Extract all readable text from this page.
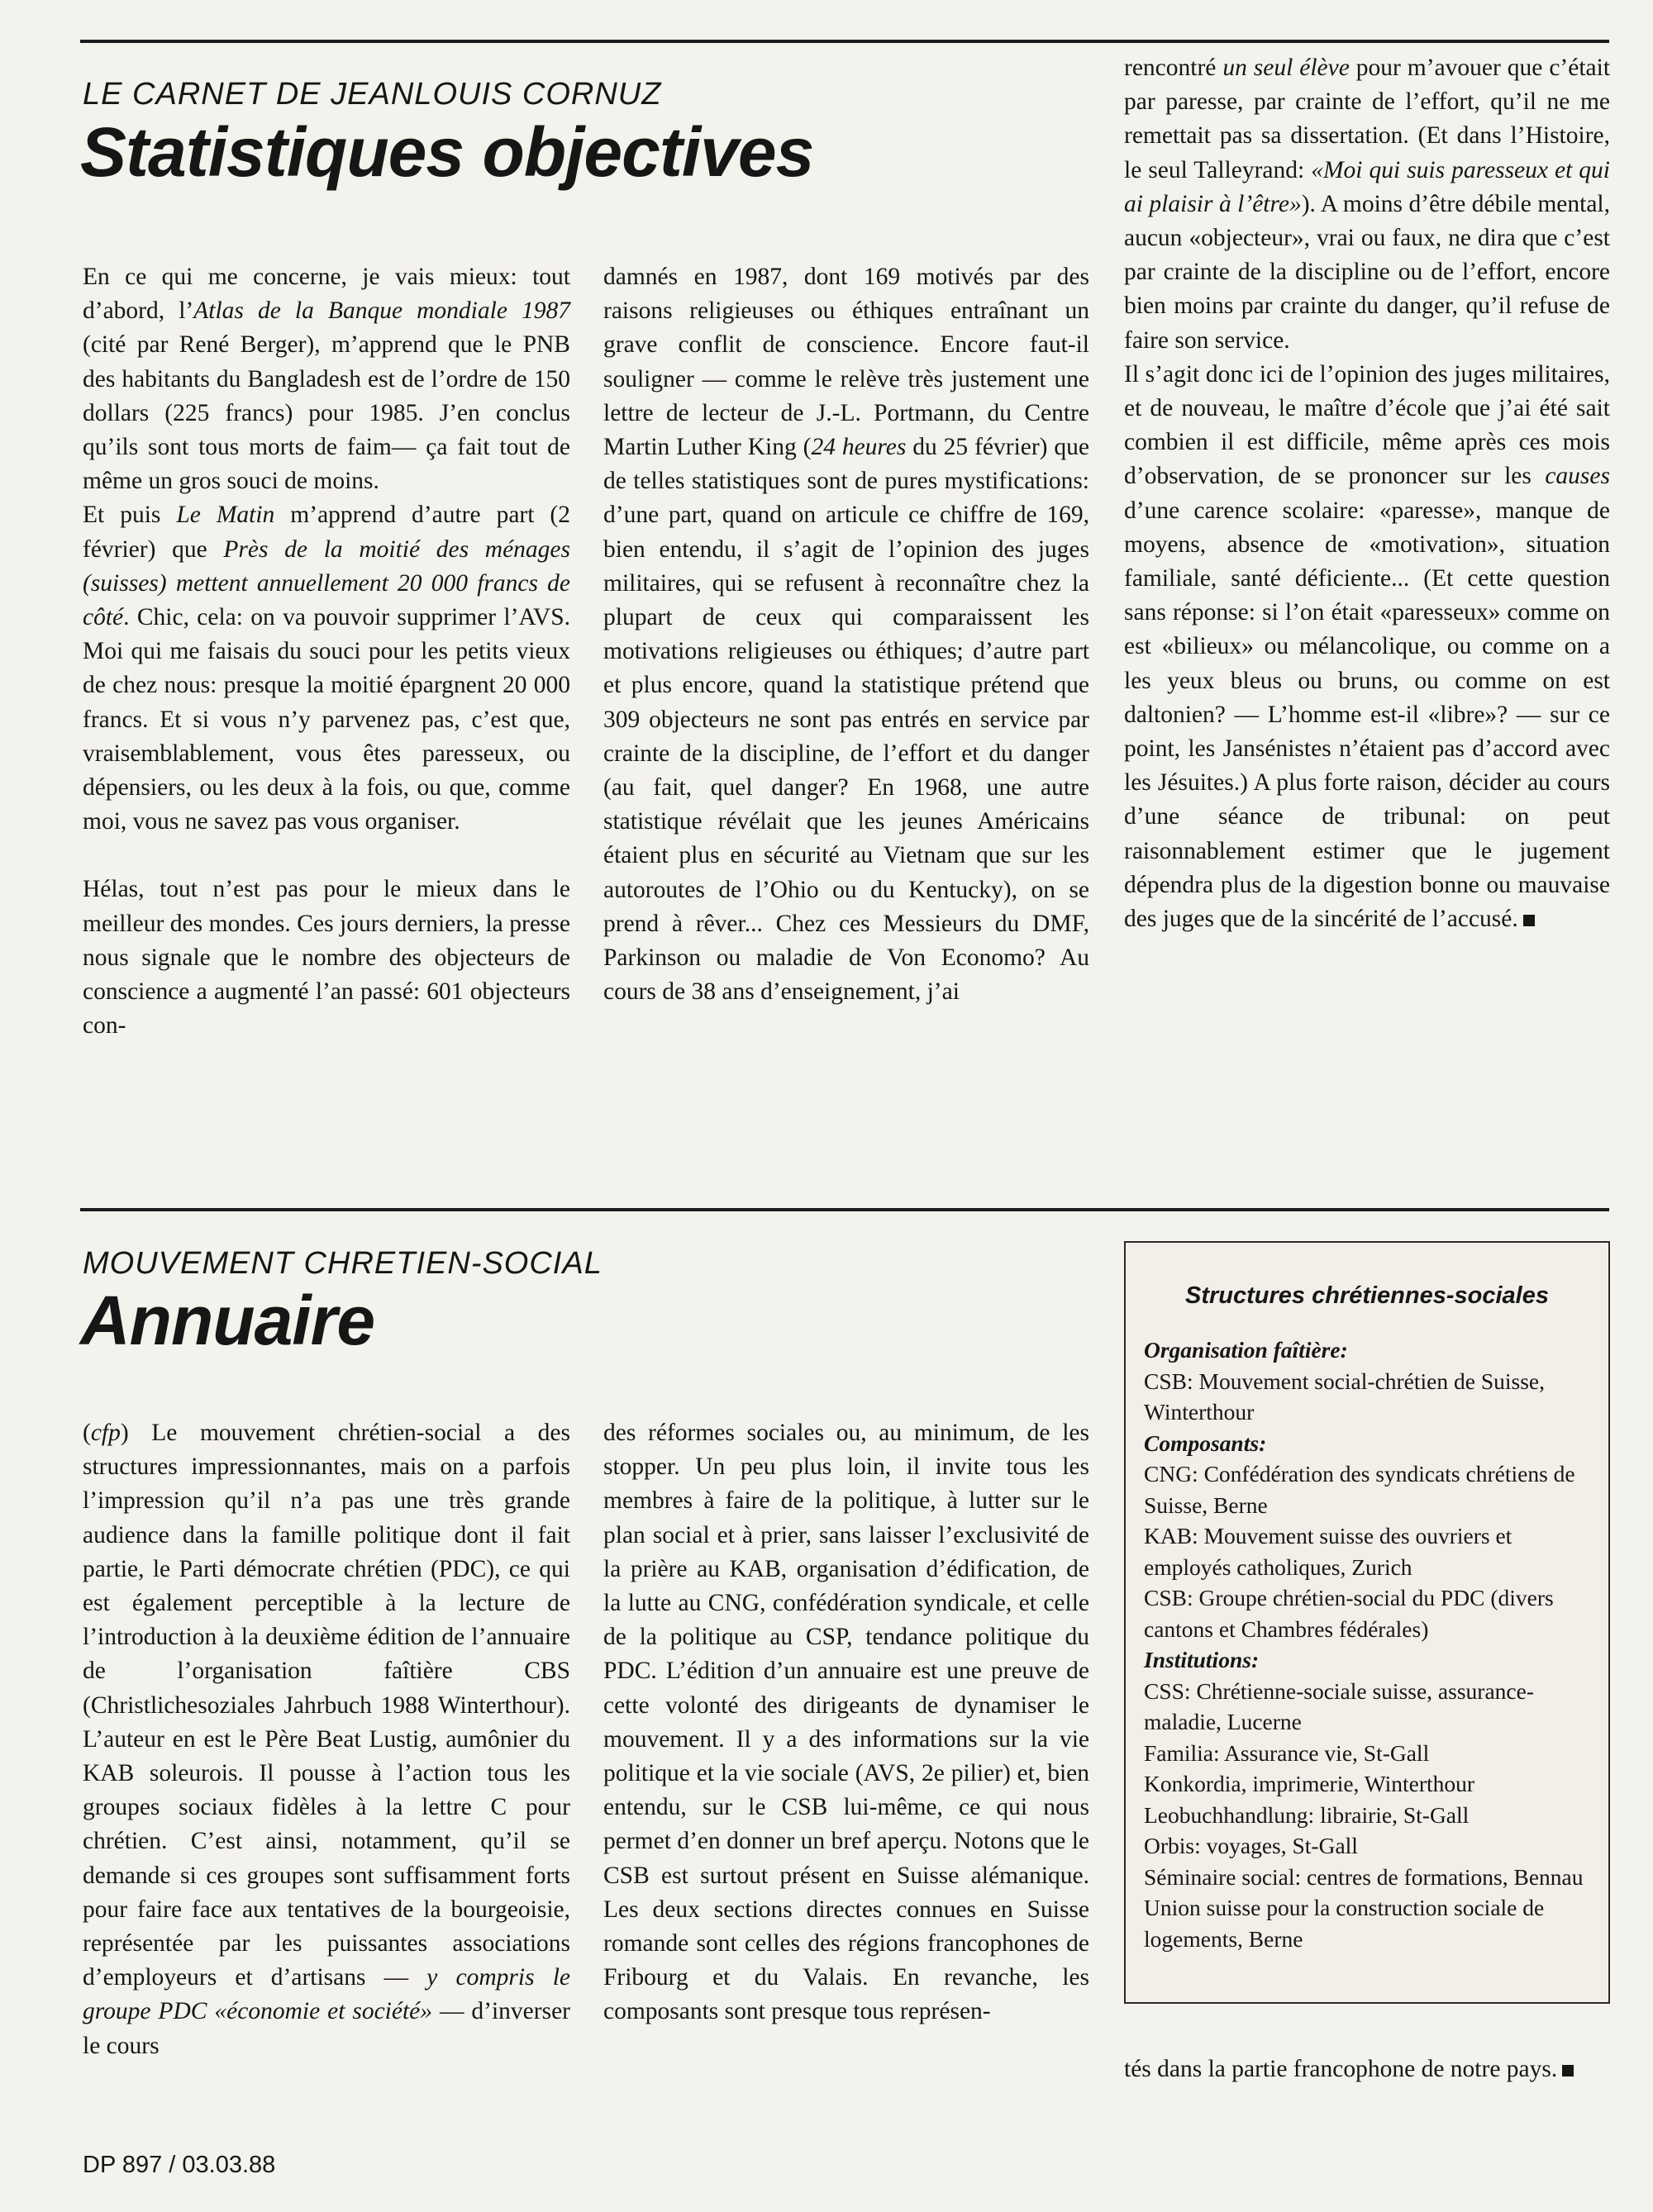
LE CARNET DE JEANLOUIS CORNUZ

Statistiques objectives

En ce qui me concerne, je vais mieux: tout d’abord, l’Atlas de la Banque mondiale 1987 (cité par René Berger), m’apprend que le PNB des habitants du Bangladesh est de l’ordre de 150 dollars (225 francs) pour 1985. J’en conclus qu’ils sont tous morts de faim— ça fait tout de même un gros souci de moins.

Et puis Le Matin m’apprend d’autre part (2 février) que Près de la moitié des ménages (suisses) mettent annuellement 20 000 francs de côté. Chic, cela: on va pouvoir supprimer l’AVS. Moi qui me faisais du souci pour les petits vieux de chez nous: presque la moitié épargnent 20 000 francs. Et si vous n’y parvenez pas, c’est que, vraisemblablement, vous êtes paresseux, ou dépensiers, ou les deux à la fois, ou que, comme moi, vous ne savez pas vous organiser.

Hélas, tout n’est pas pour le mieux dans le meilleur des mondes. Ces jours derniers, la presse nous signale que le nombre des objecteurs de conscience a augmenté l’an passé: 601 objecteurs con-

damnés en 1987, dont 169 motivés par des raisons religieuses ou éthiques entraînant un grave conflit de conscience. Encore faut-il souligner — comme le relève très justement une lettre de lecteur de J.-L. Portmann, du Centre Martin Luther King (24 heures du 25 février) que de telles statistiques sont de pures mystifications: d’une part, quand on articule ce chiffre de 169, bien entendu, il s’agit de l’opinion des juges militaires, qui se refusent à reconnaître chez la plupart de ceux qui comparaissent les motivations religieuses ou éthiques; d’autre part et plus encore, quand la statistique prétend que 309 objecteurs ne sont pas entrés en service par crainte de la discipline, de l’effort et du danger (au fait, quel danger? En 1968, une autre statistique révélait que les jeunes Américains étaient plus en sécurité au Vietnam que sur les autoroutes de l’Ohio ou du Kentucky), on se prend à rêver... Chez ces Messieurs du DMF, Parkinson ou maladie de Von Economo? Au cours de 38 ans d’enseignement, j’ai

rencontré un seul élève pour m’avouer que c’était par paresse, par crainte de l’effort, qu’il ne me remettait pas sa dissertation. (Et dans l’Histoire, le seul Talleyrand: «Moi qui suis paresseux et qui ai plaisir à l’être»). A moins d’être débile mental, aucun «objecteur», vrai ou faux, ne dira que c’est par crainte de la discipline ou de l’effort, encore bien moins par crainte du danger, qu’il refuse de faire son service.

Il s’agit donc ici de l’opinion des juges militaires, et de nouveau, le maître d’école que j’ai été sait combien il est difficile, même après ces mois d’observation, de se prononcer sur les causes d’une carence scolaire: «paresse», manque de moyens, absence de «motivation», situation familiale, santé déficiente... (Et cette question sans réponse: si l’on était «paresseux» comme on est «bilieux» ou mélancolique, ou comme on a les yeux bleus ou bruns, ou comme on est daltonien? — L’homme est-il «libre»? — sur ce point, les Jansénistes n’étaient pas d’accord avec les Jésuites.) A plus forte raison, décider au cours d’une séance de tribunal: on peut raisonnablement estimer que le jugement dépendra plus de la digestion bonne ou mauvaise des juges que de la sincérité de l’accusé.

MOUVEMENT CHRETIEN-SOCIAL

Annuaire

(cfp) Le mouvement chrétien-social a des structures impressionnantes, mais on a parfois l’impression qu’il n’a pas une très grande audience dans la famille politique dont il fait partie, le Parti démocrate chrétien (PDC), ce qui est également perceptible à la lecture de l’introduction à la deuxième édition de l’annuaire de l’organisation faîtière CBS (Christlichesoziales Jahrbuch 1988 Winterthour). L’auteur en est le Père Beat Lustig, aumônier du KAB soleurois. Il pousse à l’action tous les groupes sociaux fidèles à la lettre C pour chrétien. C’est ainsi, notamment, qu’il se demande si ces groupes sont suffisamment forts pour faire face aux tentatives de la bourgeoisie, représentée par les puissantes associations d’employeurs et d’artisans — y compris le groupe PDC «économie et société» — d’inverser le cours

des réformes sociales ou, au minimum, de les stopper. Un peu plus loin, il invite tous les membres à faire de la politique, à lutter sur le plan social et à prier, sans laisser l’exclusivité de la prière au KAB, organisation d’édification, de la lutte au CNG, confédération syndicale, et celle de la politique au CSP, tendance politique du PDC. L’édition d’un annuaire est une preuve de cette volonté des dirigeants de dynamiser le mouvement. Il y a des informations sur la vie politique et la vie sociale (AVS, 2e pilier) et, bien entendu, sur le CSB lui-même, ce qui nous permet d’en donner un bref aperçu. Notons que le CSB est surtout présent en Suisse alémanique. Les deux sections directes connues en Suisse romande sont celles des régions francophones de Fribourg et du Valais. En revanche, les composants sont presque tous représen-

Structures chrétiennes-sociales
Organisation faîtière:
CSB: Mouvement social-chrétien de Suisse, Winterthour
Composants:
CNG: Confédération des syndicats chrétiens de Suisse, Berne
KAB: Mouvement suisse des ouvriers et employés catholiques, Zurich
CSB: Groupe chrétien-social du PDC (divers cantons et Chambres fédérales)
Institutions:
CSS: Chrétienne-sociale suisse, assurance-maladie, Lucerne
Familia: Assurance vie, St-Gall
Konkordia, imprimerie, Winterthour
Leobuchhandlung: librairie, St-Gall
Orbis: voyages, St-Gall
Séminaire social: centres de formations, Bennau
Union suisse pour la construction sociale de logements, Berne

tés dans la partie francophone de notre pays.

DP 897 / 03.03.88
